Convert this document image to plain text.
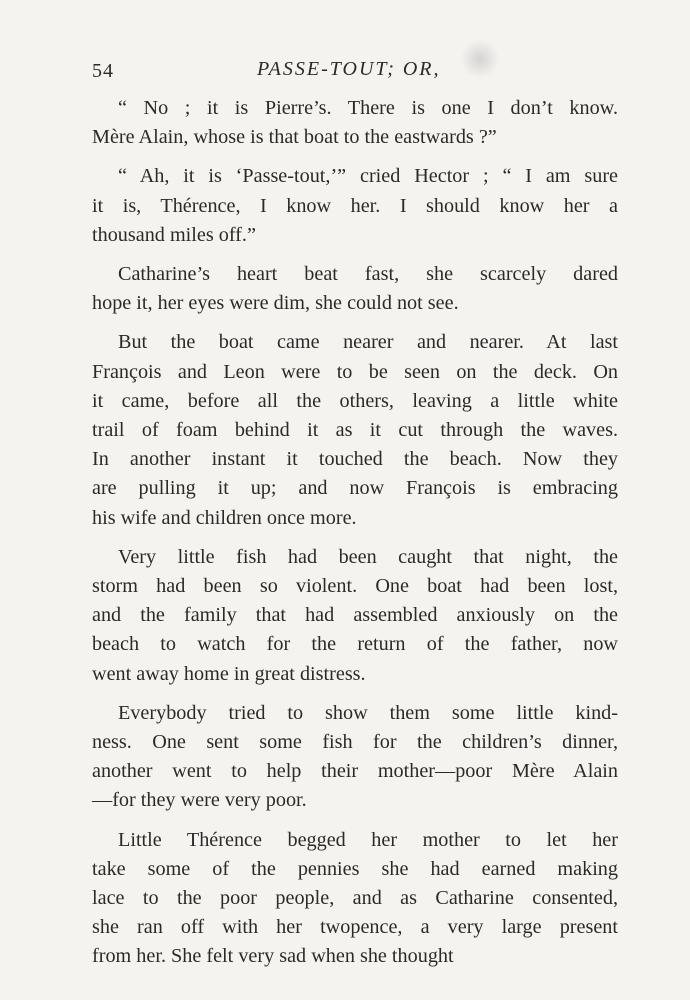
54	PASSE-TOUT; OR,

“ No ; it is Pierre’s. There is one I don’t know.
Mère Alain, whose is that boat to the eastwards ?”

“ Ah, it is ‘Passe-tout,’” cried Hector ; “ I am sure
it is, Thérence, I know her. I should know her a
thousand miles off.”

Catharine’s heart beat fast, she scarcely dared
hope it, her eyes were dim, she could not see.

But the boat came nearer and nearer. At last
François and Leon were to be seen on the deck. On
it came, before all the others, leaving a little white
trail of foam behind it as it cut through the waves.
In another instant it touched the beach. Now they
are pulling it up; and now François is embracing
his wife and children once more.

Very little fish had been caught that night, the
storm had been so violent. One boat had been lost,
and the family that had assembled anxiously on the
beach to watch for the return of the father, now
went away home in great distress.

Everybody tried to show them some little kind-
ness. One sent some fish for the children’s dinner,
another went to help their mother—poor Mère Alain
—for they were very poor.

Little Thérence begged her mother to let her
take some of the pennies she had earned making
lace to the poor people, and as Catharine consented,
she ran off with her twopence, a very large present
from her. She felt very sad when she thought
